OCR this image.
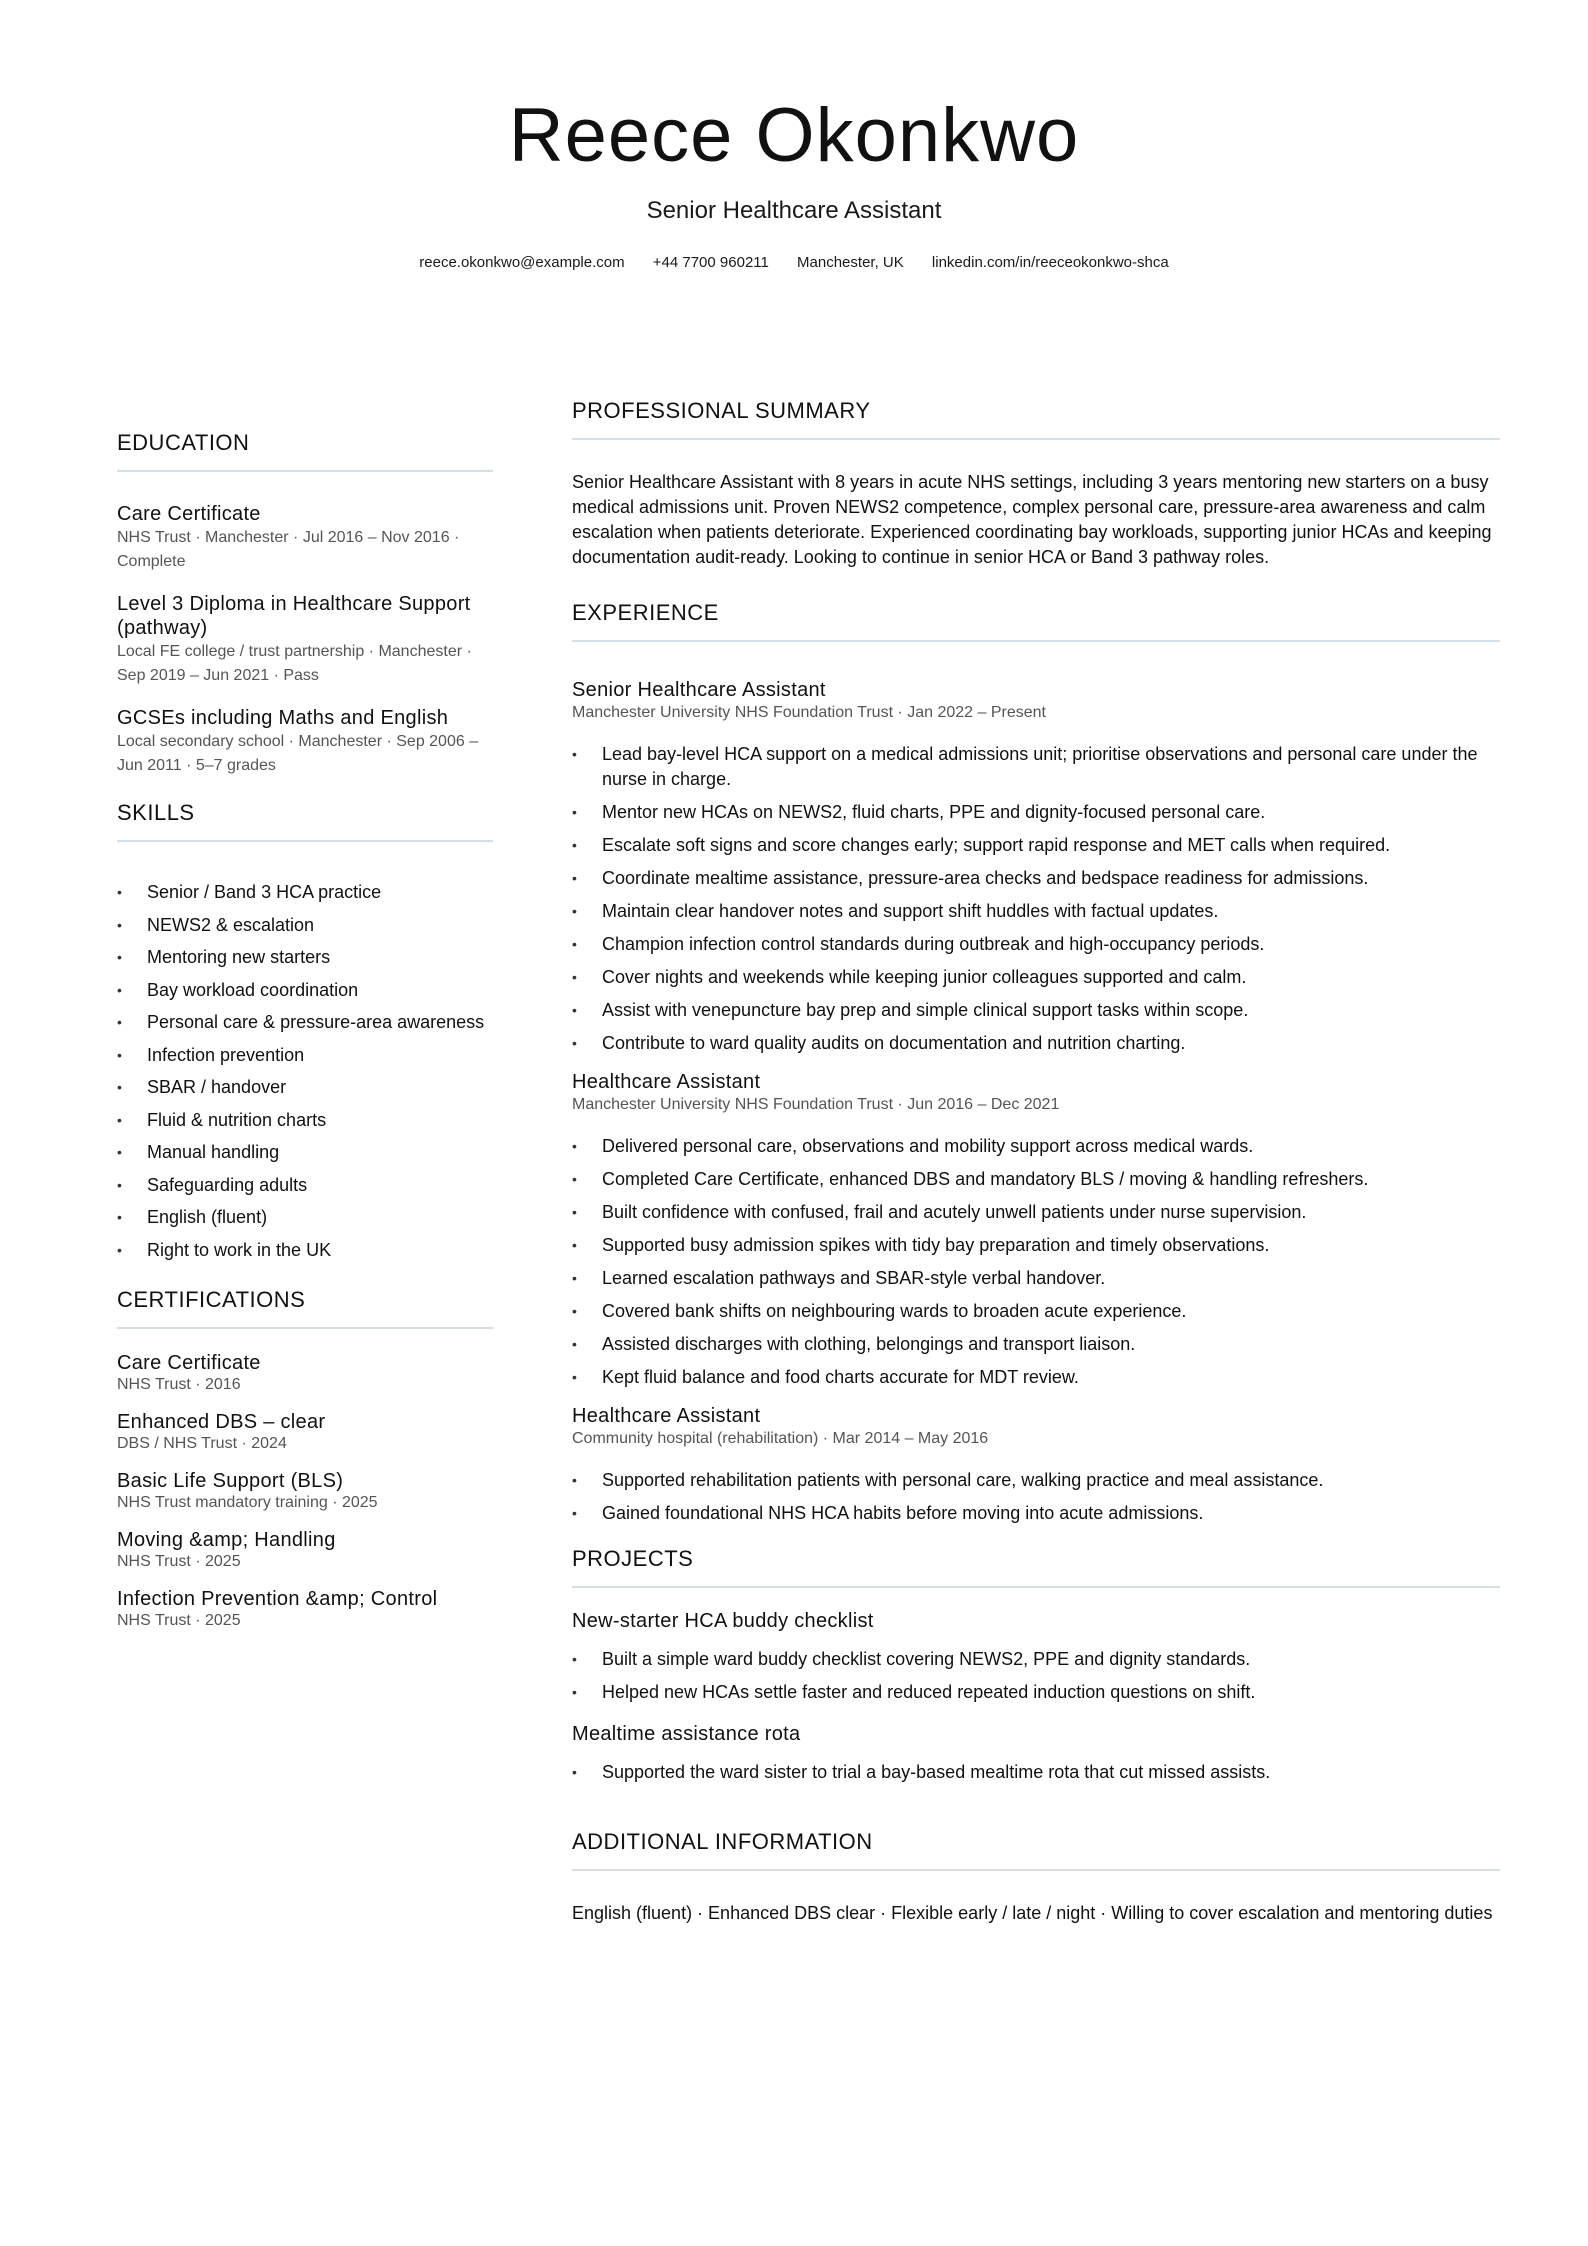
Reece Okonkwo
Senior Healthcare Assistant
reece.okonkwo@example.com +44 7700 960211 Manchester, UK linkedin.com/in/reeceokonkwo-shca
EDUCATION
Care Certificate
NHS Trust · Manchester · Jul 2016 – Nov 2016 · Complete
Level 3 Diploma in Healthcare Support (pathway)
Local FE college / trust partnership · Manchester · Sep 2019 – Jun 2021 · Pass
GCSEs including Maths and English
Local secondary school · Manchester · Sep 2006 – Jun 2011 · 5–7 grades
SKILLS
• Senior / Band 3 HCA practice
• NEWS2 & escalation
• Mentoring new starters
• Bay workload coordination
• Personal care & pressure-area awareness
• Infection prevention
• SBAR / handover
• Fluid & nutrition charts
• Manual handling
• Safeguarding adults
• English (fluent)
• Right to work in the UK
CERTIFICATIONS
Care Certificate
NHS Trust · 2016
Enhanced DBS – clear
DBS / NHS Trust · 2024
Basic Life Support (BLS)
NHS Trust mandatory training · 2025
Moving &amp; Handling
NHS Trust · 2025
Infection Prevention &amp; Control
NHS Trust · 2025
PROFESSIONAL SUMMARY
Senior Healthcare Assistant with 8 years in acute NHS settings, including 3 years mentoring new starters on a busy medical admissions unit. Proven NEWS2 competence, complex personal care, pressure-area awareness and calm escalation when patients deteriorate. Experienced coordinating bay workloads, supporting junior HCAs and keeping documentation audit-ready. Looking to continue in senior HCA or Band 3 pathway roles.
EXPERIENCE
Senior Healthcare Assistant
Manchester University NHS Foundation Trust · Jan 2022 – Present
• Lead bay-level HCA support on a medical admissions unit; prioritise observations and personal care under the nurse in charge.
• Mentor new HCAs on NEWS2, fluid charts, PPE and dignity-focused personal care.
• Escalate soft signs and score changes early; support rapid response and MET calls when required.
• Coordinate mealtime assistance, pressure-area checks and bedspace readiness for admissions.
• Maintain clear handover notes and support shift huddles with factual updates.
• Champion infection control standards during outbreak and high-occupancy periods.
• Cover nights and weekends while keeping junior colleagues supported and calm.
• Assist with venepuncture bay prep and simple clinical support tasks within scope.
• Contribute to ward quality audits on documentation and nutrition charting.
Healthcare Assistant
Manchester University NHS Foundation Trust · Jun 2016 – Dec 2021
• Delivered personal care, observations and mobility support across medical wards.
• Completed Care Certificate, enhanced DBS and mandatory BLS / moving & handling refreshers.
• Built confidence with confused, frail and acutely unwell patients under nurse supervision.
• Supported busy admission spikes with tidy bay preparation and timely observations.
• Learned escalation pathways and SBAR-style verbal handover.
• Covered bank shifts on neighbouring wards to broaden acute experience.
• Assisted discharges with clothing, belongings and transport liaison.
• Kept fluid balance and food charts accurate for MDT review.
Healthcare Assistant
Community hospital (rehabilitation) · Mar 2014 – May 2016
• Supported rehabilitation patients with personal care, walking practice and meal assistance.
• Gained foundational NHS HCA habits before moving into acute admissions.
PROJECTS
New-starter HCA buddy checklist
• Built a simple ward buddy checklist covering NEWS2, PPE and dignity standards.
• Helped new HCAs settle faster and reduced repeated induction questions on shift.
Mealtime assistance rota
• Supported the ward sister to trial a bay-based mealtime rota that cut missed assists.
ADDITIONAL INFORMATION
English (fluent) · Enhanced DBS clear · Flexible early / late / night · Willing to cover escalation and mentoring duties
